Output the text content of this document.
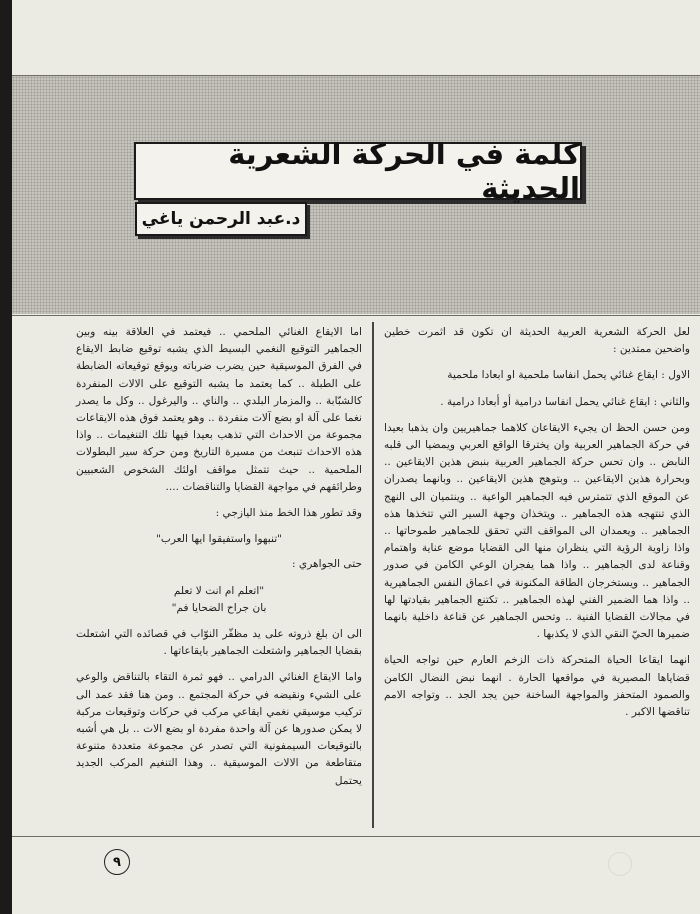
كلمة في الحركة الشعرية الحديثة
د.عبد الرحمن ياغي

لعل الحركة الشعرية العربية الحديثة ان تكون قد اثمرت خطين واضحين ممتدين :

الاول : ايقاع غنائي يحمل انفاسا ملحمية او ابعادا ملحمية

والثاني : ايقاع غنائي يحمل انفاسا درامية أو أبعادا درامية .

ومن حسن الحظ ان يجيء الايقاعان كلاهما جماهيريين وان يذهبا بعيدا في حركة الجماهير العربية وان يخترقا الواقع العربي ويمضيا الى قلبه النابض .. وان تحس حركة الجماهير العربية بنبض هذين الايقاعين .. وبحرارة هذين الايقاعين .. وبتوهج هذين الايقاعين .. وبانهما يصدران عن الموقع الذي تتمترس فيه الجماهير الواعية .. وينتميان الى النهج الذي تنتهجه هذه الجماهير .. ويتخذان وجهة السير التي تتخذها هذه الجماهير .. ويعمدان الى المواقف التي تحقق للجماهير طموحاتها .. واذا زاوية الرؤية التي ينظران منها الى القضايا موضع عناية واهتمام وقناعة لدى الجماهير .. واذا هما يفجران الوعي الكامن في صدور الجماهير .. ويستخرجان الطاقة المكنونة في اعماق النفس الجماهيرية .. واذا هما الضمير الفني لهذه الجماهير .. تكتنع الجماهير بقيادتها لها في مجالات القضايا الفنية .. وتحس الجماهير عن قناعة داخلية بانهما ضميرها الحيّ النقي الذي لا يكذبها .

انهما ايقاعا الحياة المتحركة ذات الزخم العارم حين تواجه الحياة قضاياها المصيرية في مواقعها الحارة . انهما نبض النضال الكامن والصمود المتحفز والمواجهة الساخنة حين يجد الجد .. وتواجه الامم تناقضها الاكبر .

اما الايقاع الغنائي الملحمي .. فيعتمد في العلاقة بينه وبين الجماهير التوقيع النغمي البسيط الذي يشبه توقيع ضابط الايقاع في الفرق الموسيقية حين يضرب ضرباته ويوقع توقيعاته الضابطة على الطبلة .. كما يعتمد ما يشبه التوقيع على الالات المنفردة كالشبّابة .. والمزمار البلدي .. والناي .. واليرغول .. وكل ما يصدر نغما على آلة او بضع آلات منفردة .. وهو يعتمد فوق هذه الايقاعات مجموعة من الاحداث التي تذهب بعيدا فيها تلك التنغيمات .. واذا هذه الاحداث تنبعث من مسيرة التاريخ ومن حركة سير البطولات الملحمية .. حيث تتمثل مواقف اولئك الشخوص الشعبيين وطرائقهم في مواجهة القضايا والتناقضات ....

وقد تطور هذا الخط منذ اليازجي :

"تنبهوا واستفيقوا ايها العرب"

حتى الجواهري :

"اتعلم ام انت لا تعلم

بان جراح الضحايا فم"

الى ان بلغ ذروته على يد مظفّر النوّاب في قصائده التي اشتعلت بقضايا الجماهير واشتعلت الجماهير بايقاعاتها .

واما الايقاع الغنائي الدرامي .. فهو ثمرة التقاء بالتناقض والوعي على الشيء ونقيضه في حركة المجتمع .. ومن هنا فقد عمد الى تركيب موسيقي نغمي ايقاعي مركب في حركات وتوقيعات مركبة لا يمكن صدورها عن آلة واحدة مفردة او بضع الات .. بل هي أشبه بالتوقيعات السيمفونية التي تصدر عن مجموعة متعددة متنوعة متقاطعة من الالات الموسيقية .. وهذا التنغيم المركب الجديد يحتمل

٩
